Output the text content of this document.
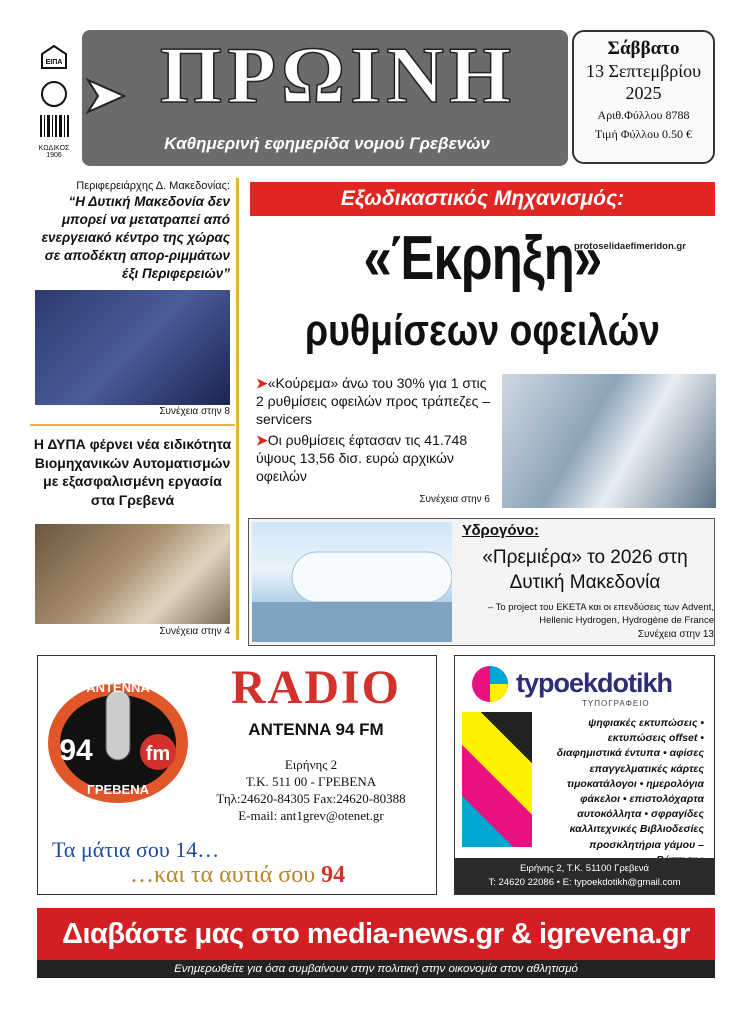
ΕΙΠΑ
ΚΩΔΙΚΟΣ
1906
ΠΡΩΙΝΗ
Καθημερινή εφημερίδα νομού Γρεβενών
Σάββατο
13 Σεπτεμβρίου
2025
Αριθ.Φύλλου 8788
Τιμή Φύλλου 0.50 €
Περιφερειάρχης Δ. Μακεδονίας:
“Η Δυτική Μακεδονία δεν μπορεί να μετατραπεί από ενεργειακό κέντρο της χώρας σε αποδέκτη απορ-ριμμάτων έξι Περιφερειών”
Συνέχεια στην 8
Η ΔΥΠΑ φέρνει νέα ειδικότητα Βιομηχανικών Αυτοματισμών με εξασφαλισμένη εργασία στα Γρεβενά
Συνέχεια στην 4
Εξωδικαστικός Μηχανισμός:
«Έκρηξη»
protoselidaefimeridon.gr
ρυθμίσεων οφειλών
➤«Κούρεμα» άνω του 30% για 1 στις 2 ρυθμίσεις οφειλών προς τράπεζες – servicers
➤Οι ρυθμίσεις έφτασαν τις 41.748 ύψους 13,56 δισ. ευρώ αρχικών οφειλών
Συνέχεια στην 6
Υδρογόνο:
«Πρεμιέρα» το 2026 στη Δυτική Μακεδονία
– Το project του ΕΚΕΤΑ και οι επενδύσεις των Advent, Hellenic Hydrogen, Hydrogène de France
Συνέχεια στην 13
ΑΝΤΕΝΝΑ
94	fm
ΓΡΕΒΕΝΑ
RADIO
ANTENNA 94 FM
Ειρήνης 2
Τ.Κ. 511 00 - ΓΡΕΒΕΝΑ
Τηλ:24620-84305 Fax:24620-80388
E-mail: ant1grev@otenet.gr
Τα μάτια σου 14…
…και τα αυτιά σου 94
typoekdotikh
ΤΥΠΟΓΡΑΦΕΙΟ
ψηφιακές εκτυπώσεις •
εκτυπώσεις offset •
διαφημιστικά έντυπα • αφίσες
επαγγελματικές κάρτες
τιμοκατάλογοι • ημερολόγια
φάκελοι • επιστολόχαρτα
αυτοκόλλητα • σφραγίδες
καλλιτεχνικές Βιβλιοδεσίες
προσκλητήρια γάμου –
Ειρήνης 2, Τ.Κ. 51100 Γρεβενά
Τ: 24620 22086 • Ε: typoekdotikh@gmail.com
Διαβάστε μας στο media-news.gr & igrevena.gr
Ενημερωθείτε για όσα συμβαίνουν στην πολιτική στην οικονομία στον αθλητισμό
